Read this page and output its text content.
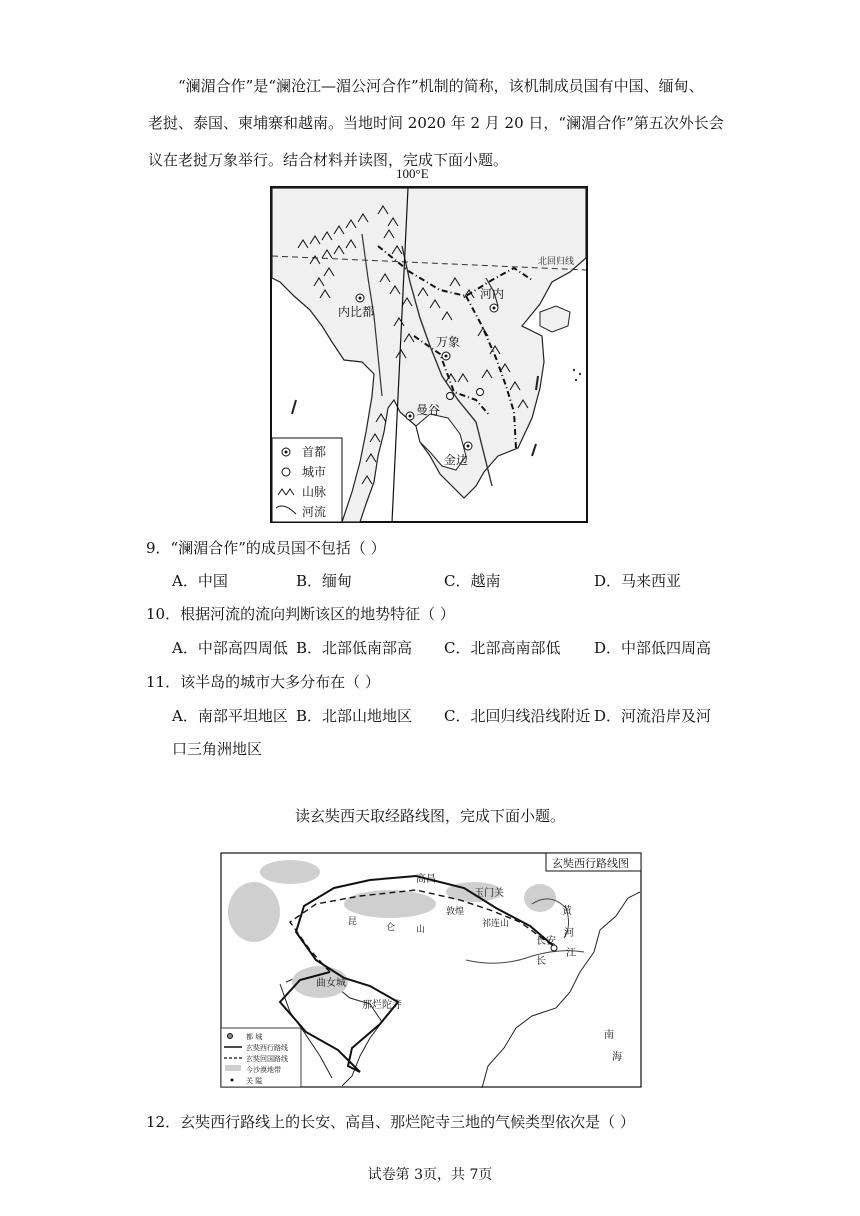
“澜湄合作”是“澜沧江—湄公河合作”机制的简称，该机制成员国有中国、缅甸、
老挝、泰国、柬埔寨和越南。当地时间 2020 年 2 月 20 日，“澜湄合作”第五次外长会
议在老挝万象举行。结合材料并读图，完成下面小题。
100°E
北回归线
内比都
河内
万象
曼谷
金边
首都
城市
山脉
河流
9．“澜湄合作”的成员国不包括（ ）
A．中国	B．缅甸	C．越南	D．马来西亚
10．根据河流的流向判断该区的地势特征（ ）
A．中部高四周低 B．北部低南部高 C．北部高南部低 D．中部低四周高
11．该半岛的城市大多分布在（ ）
A．南部平坦地区 B．北部山地地区 C．北回归线沿线附近 D．河流沿岸及河
口三角洲地区
读玄奘西天取经路线图，完成下面小题。
玄奘西行路线图
高昌
玉门关
敦煌
祁连山
黄
河
长安
昆
仑 山
长
江
曲女城
那烂陀寺
南
海
都 城
玄奘西行路线
玄奘回国路线
今沙漠地带
关 隘
12．玄奘西行路线上的长安、高昌、那烂陀寺三地的气候类型依次是（ ）
试卷第 3页，共 7页
